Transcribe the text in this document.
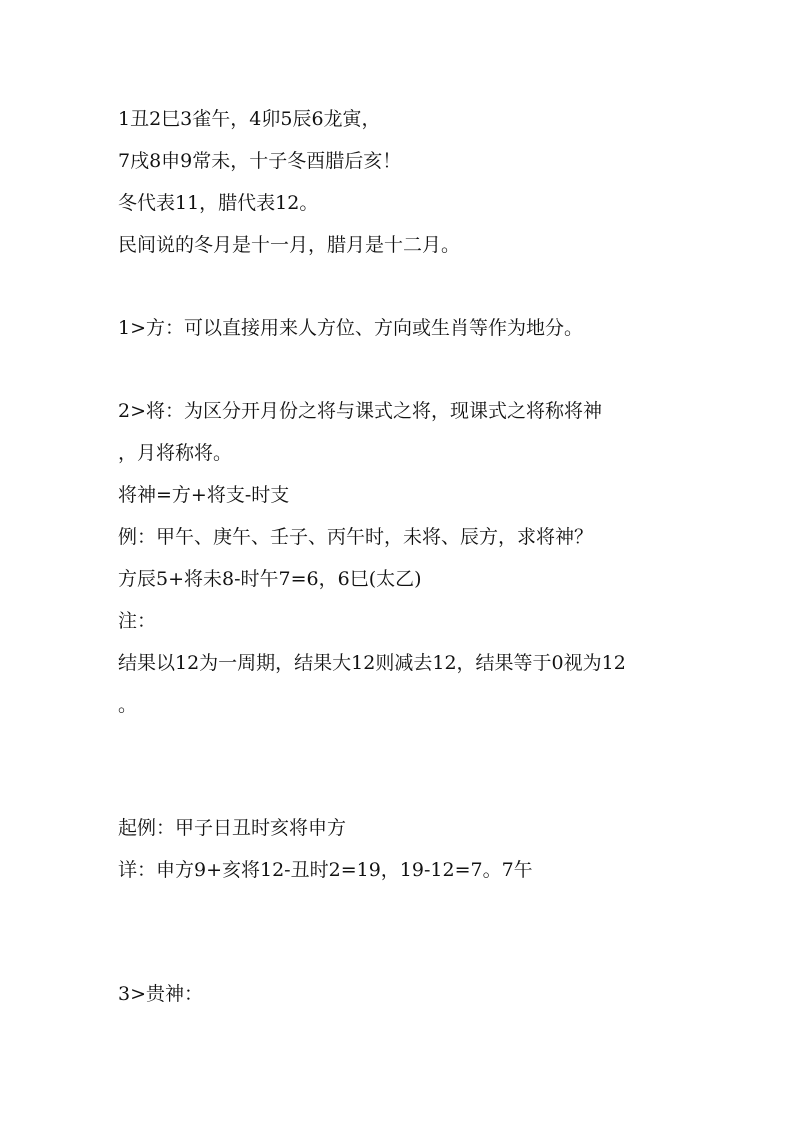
1丑2巳3雀午，4卯5辰6龙寅，

7戌8申9常未，十子冬酉腊后亥！

冬代表11，腊代表12。

民间说的冬月是十一月，腊月是十二月。

1>方：可以直接用来人方位、方向或生肖等作为地分。

2>将：为区分开月份之将与课式之将，现课式之将称将神

，月将称将。

将神=方+将支-时支

例：甲午、庚午、壬子、丙午时，未将、辰方，求将神？

方辰5+将未8-时午7=6，6巳(太乙)

注：

结果以12为一周期，结果大12则减去12，结果等于0视为12

。

起例：甲子日丑时亥将申方

详：申方9+亥将12-丑时2=19，19-12=7。7午

3>贵神：
